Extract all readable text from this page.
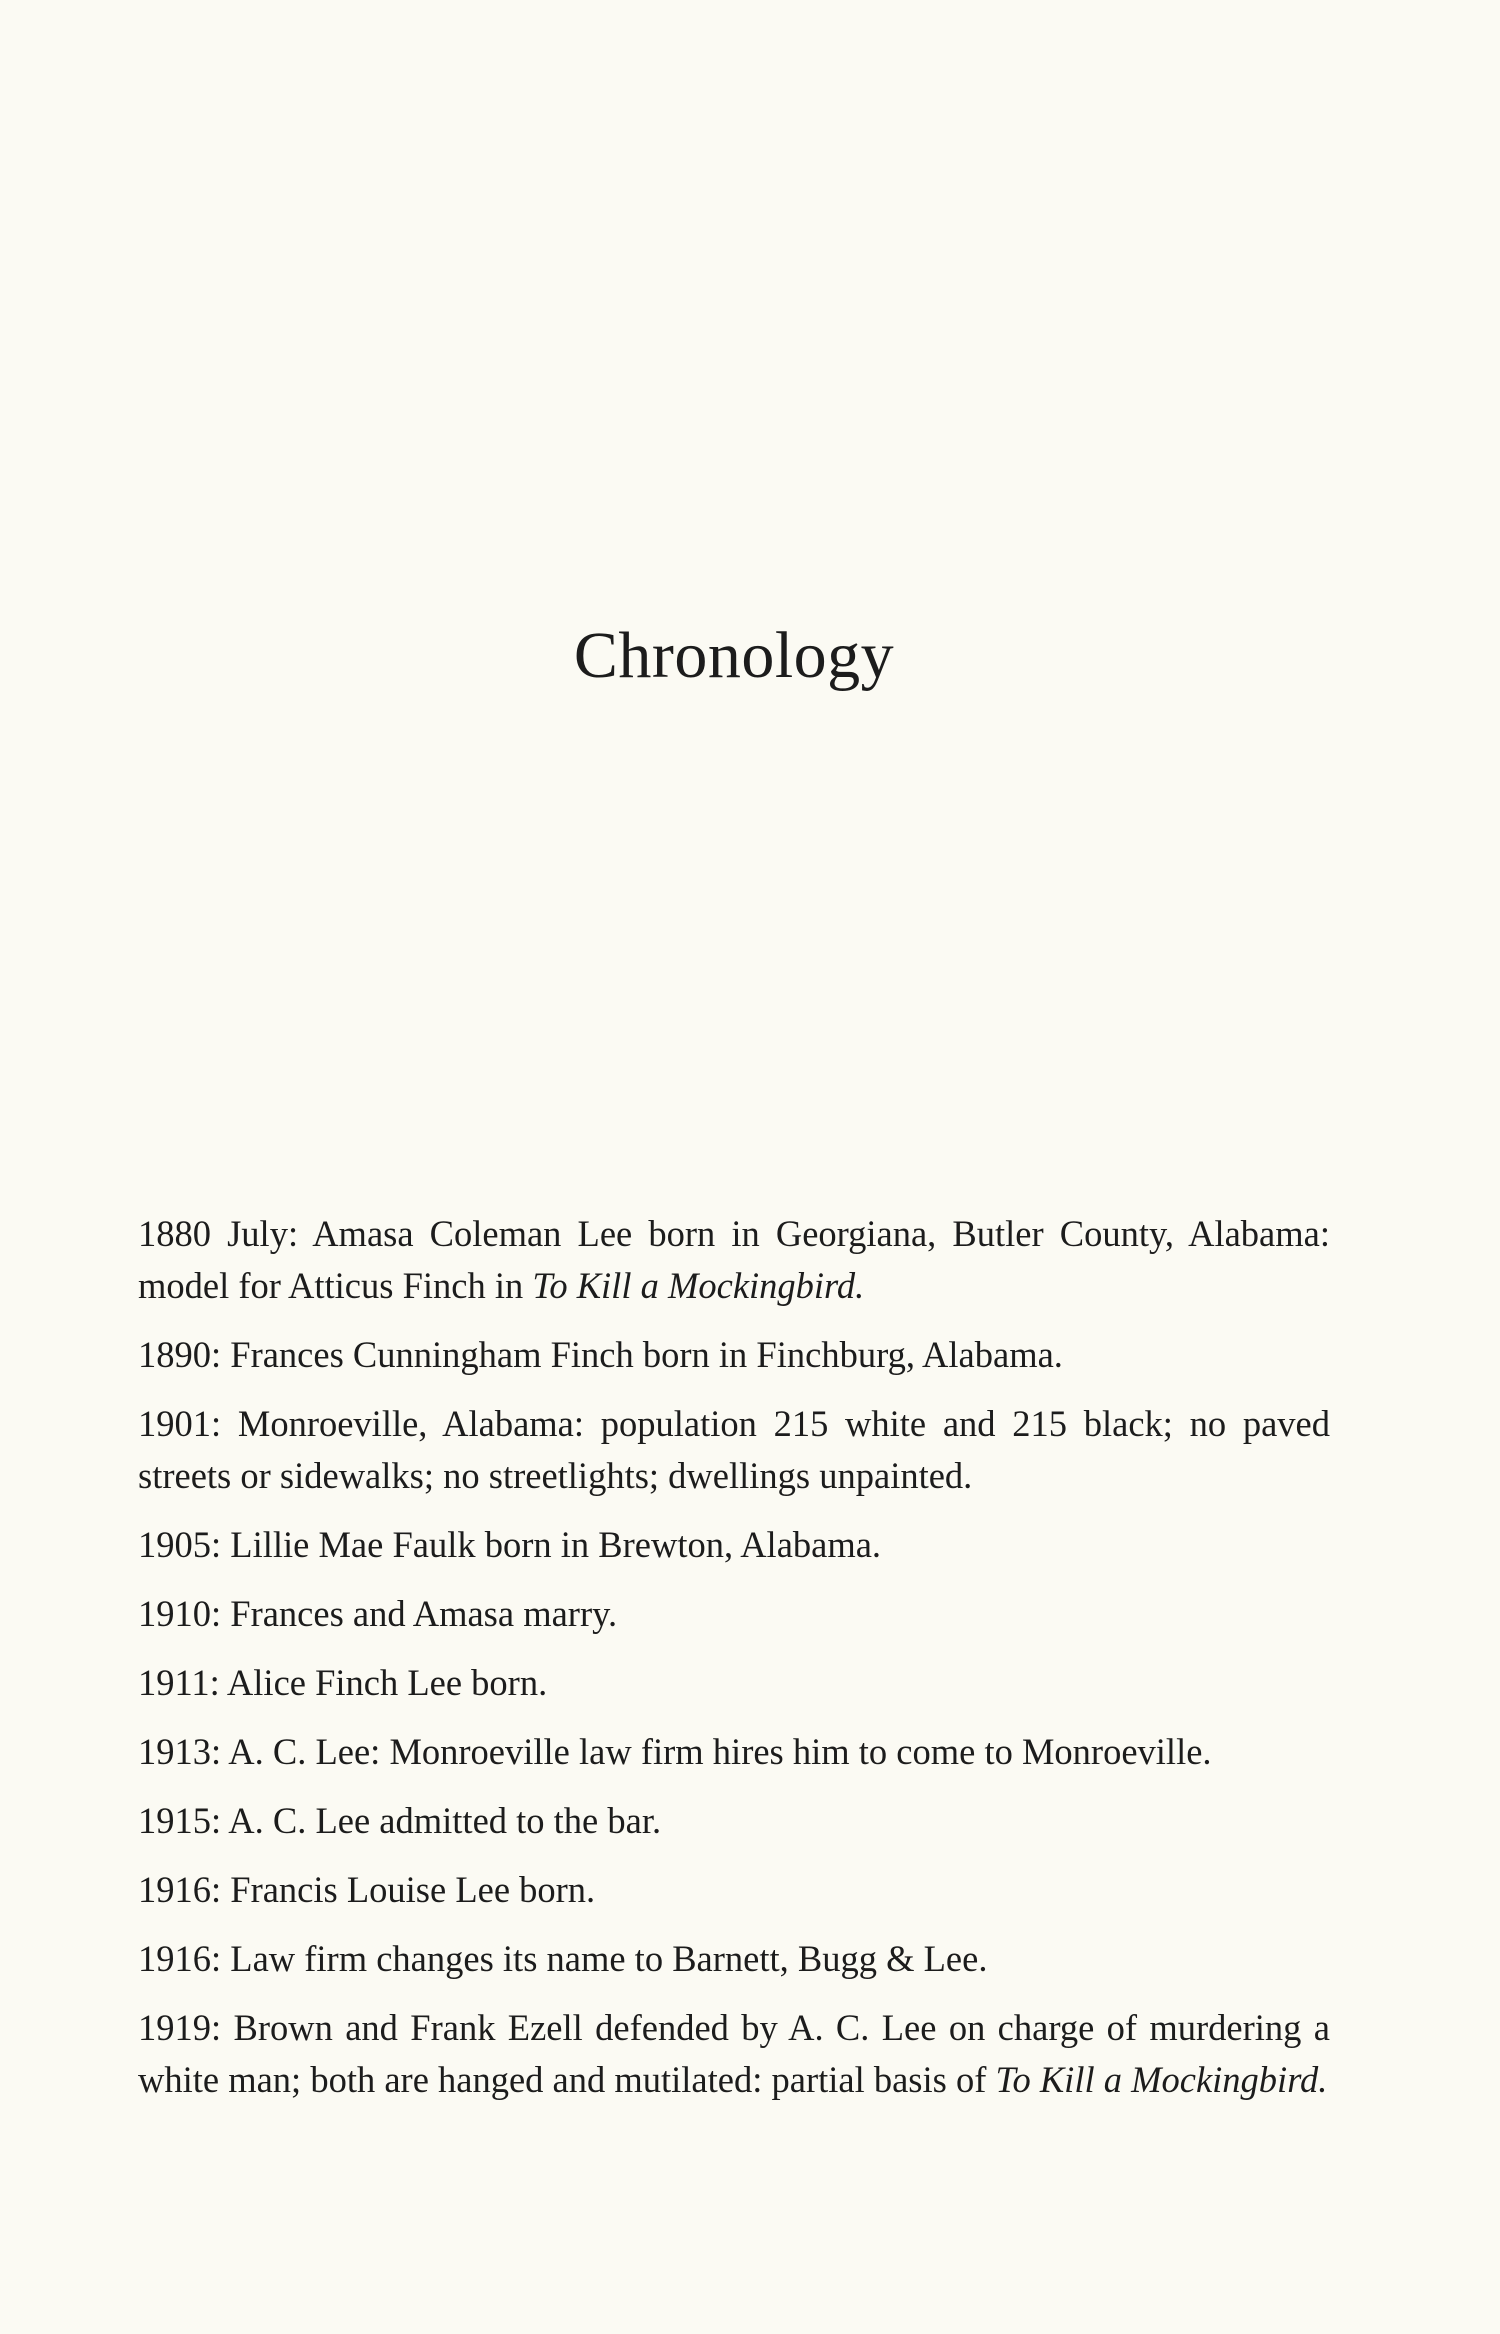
Chronology

1880 July: Amasa Coleman Lee born in Georgiana, Butler County, Alabama: model for Atticus Finch in To Kill a Mockingbird.

1890: Frances Cunningham Finch born in Finchburg, Alabama.

1901: Monroeville, Alabama: population 215 white and 215 black; no paved streets or sidewalks; no streetlights; dwellings unpainted.

1905: Lillie Mae Faulk born in Brewton, Alabama.

1910: Frances and Amasa marry.

1911: Alice Finch Lee born.

1913: A. C. Lee: Monroeville law firm hires him to come to Monroeville.

1915: A. C. Lee admitted to the bar.

1916: Francis Louise Lee born.

1916: Law firm changes its name to Barnett, Bugg & Lee.

1919: Brown and Frank Ezell defended by A. C. Lee on charge of murdering a white man; both are hanged and mutilated: partial basis of To Kill a Mockingbird.
